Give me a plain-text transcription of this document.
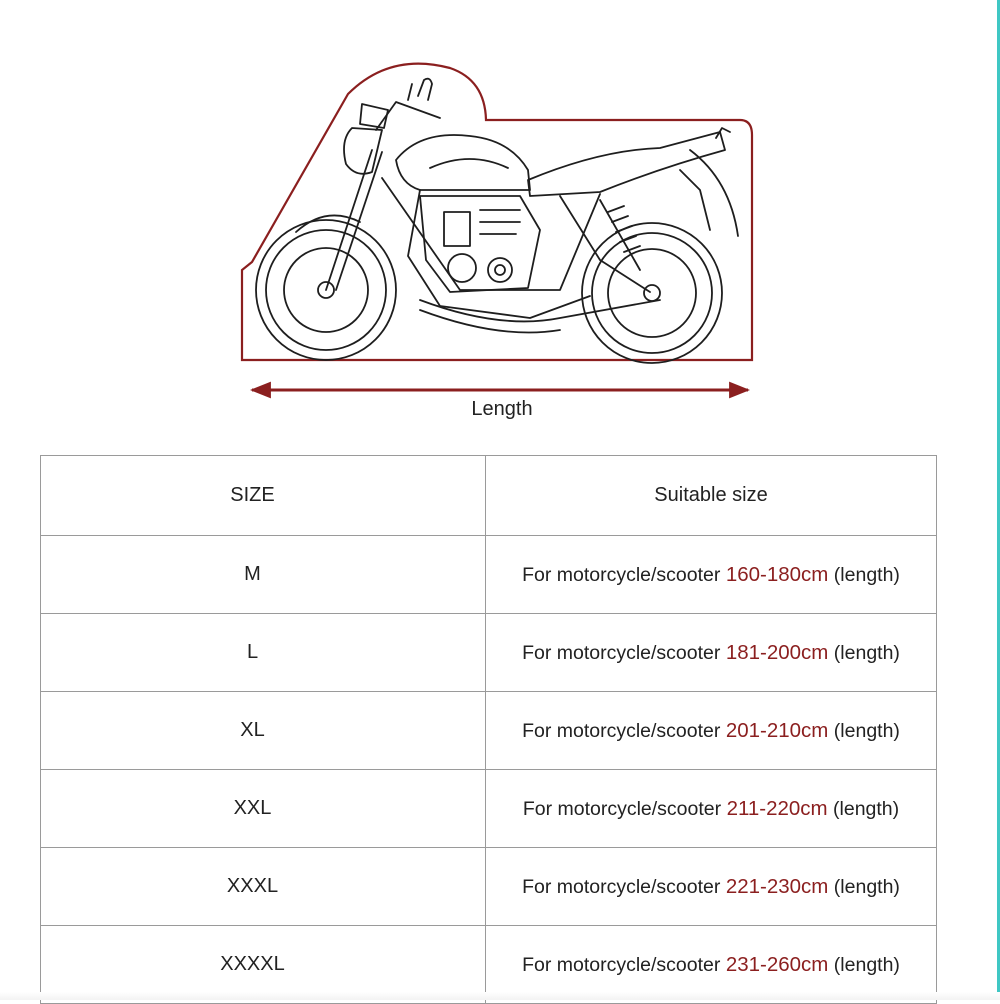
Length
SIZE	Suitable size
M	For motorcycle/scooter 160-180cm (length)
L	For motorcycle/scooter 181-200cm (length)
XL	For motorcycle/scooter 201-210cm (length)
XXL	For motorcycle/scooter 211-220cm (length)
XXXL	For motorcycle/scooter 221-230cm (length)
XXXXL	For motorcycle/scooter 231-260cm (length)
